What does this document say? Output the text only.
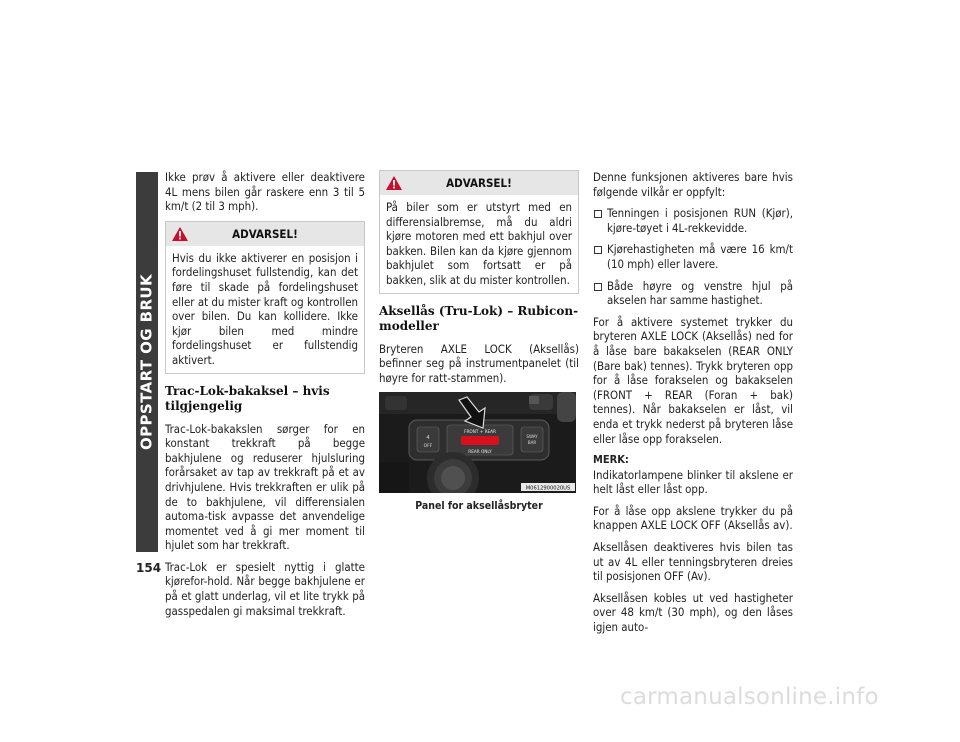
OPPSTART OG BRUK
154

Ikke prøv å aktivere eller deaktivere 4L mens bilen går raskere enn 3 til 5 km/t (2 til 3 mph).

ADVARSEL!

Hvis du ikke aktiverer en posisjon i fordelingshuset fullstendig, kan det føre til skade på fordelingshuset eller at du mister kraft og kontrollen over bilen. Du kan kollidere. Ikke kjør bilen med mindre fordelingshuset er fullstendig aktivert.

Trac-Lok-bakaksel – hvis tilgjengelig

Trac-Lok-bakakslen sørger for en konstant trekkraft på begge bakhjulene og reduserer hjulsluring forårsaket av tap av trekkraft på et av drivhjulene. Hvis trekkraften er ulik på de to bakhjulene, vil differensialen automa-tisk avpasse det anvendelige momentet ved å gi mer moment til hjulet som har trekkraft.

Trac-Lok er spesielt nyttig i glatte kjørefor-hold. Når begge bakhjulene er på et glatt underlag, vil et lite trykk på gasspedalen gi maksimal trekkraft.

ADVARSEL!

På biler som er utstyrt med en differensialbremse, må du aldri kjøre motoren med ett bakhjul over bakken. Bilen kan da kjøre gjennom bakhjulet som fortsatt er på bakken, slik at du mister kontrollen.

Aksellås (Tru-Lok) – Rubicon-modeller

Bryteren AXLE LOCK (Aksellås) befinner seg på instrumentpanelet (til høyre for ratt-stammen).

4
OFF
FRONT + REAR
REAR ONLY
SWAY
BAR
M0612900020US

Panel for aksellåsbryter

Denne funksjonen aktiveres bare hvis følgende vilkår er oppfylt:

Tenningen i posisjonen RUN (Kjør), kjøre-tøyet i 4L-rekkevidde.
Kjørehastigheten må være 16 km/t (10 mph) eller lavere.
Både høyre og venstre hjul på akselen har samme hastighet.

For å aktivere systemet trykker du bryteren AXLE LOCK (Aksellås) ned for å låse bare bakakselen (REAR ONLY (Bare bak) tennes). Trykk bryteren opp for å låse forakselen og bakakselen (FRONT + REAR (Foran + bak) tennes). Når bakakselen er låst, vil enda et trykk nederst på bryteren låse eller låse opp forakselen.

MERK:

Indikatorlampene blinker til akslene er helt låst eller låst opp.

For å låse opp akslene trykker du på knappen AXLE LOCK OFF (Aksellås av).

Aksellåsen deaktiveres hvis bilen tas ut av 4L eller tenningsbryteren dreies til posisjonen OFF (Av).

Aksellåsen kobles ut ved hastigheter over 48 km/t (30 mph), og den låses igjen auto-

carmanualsonline.info
